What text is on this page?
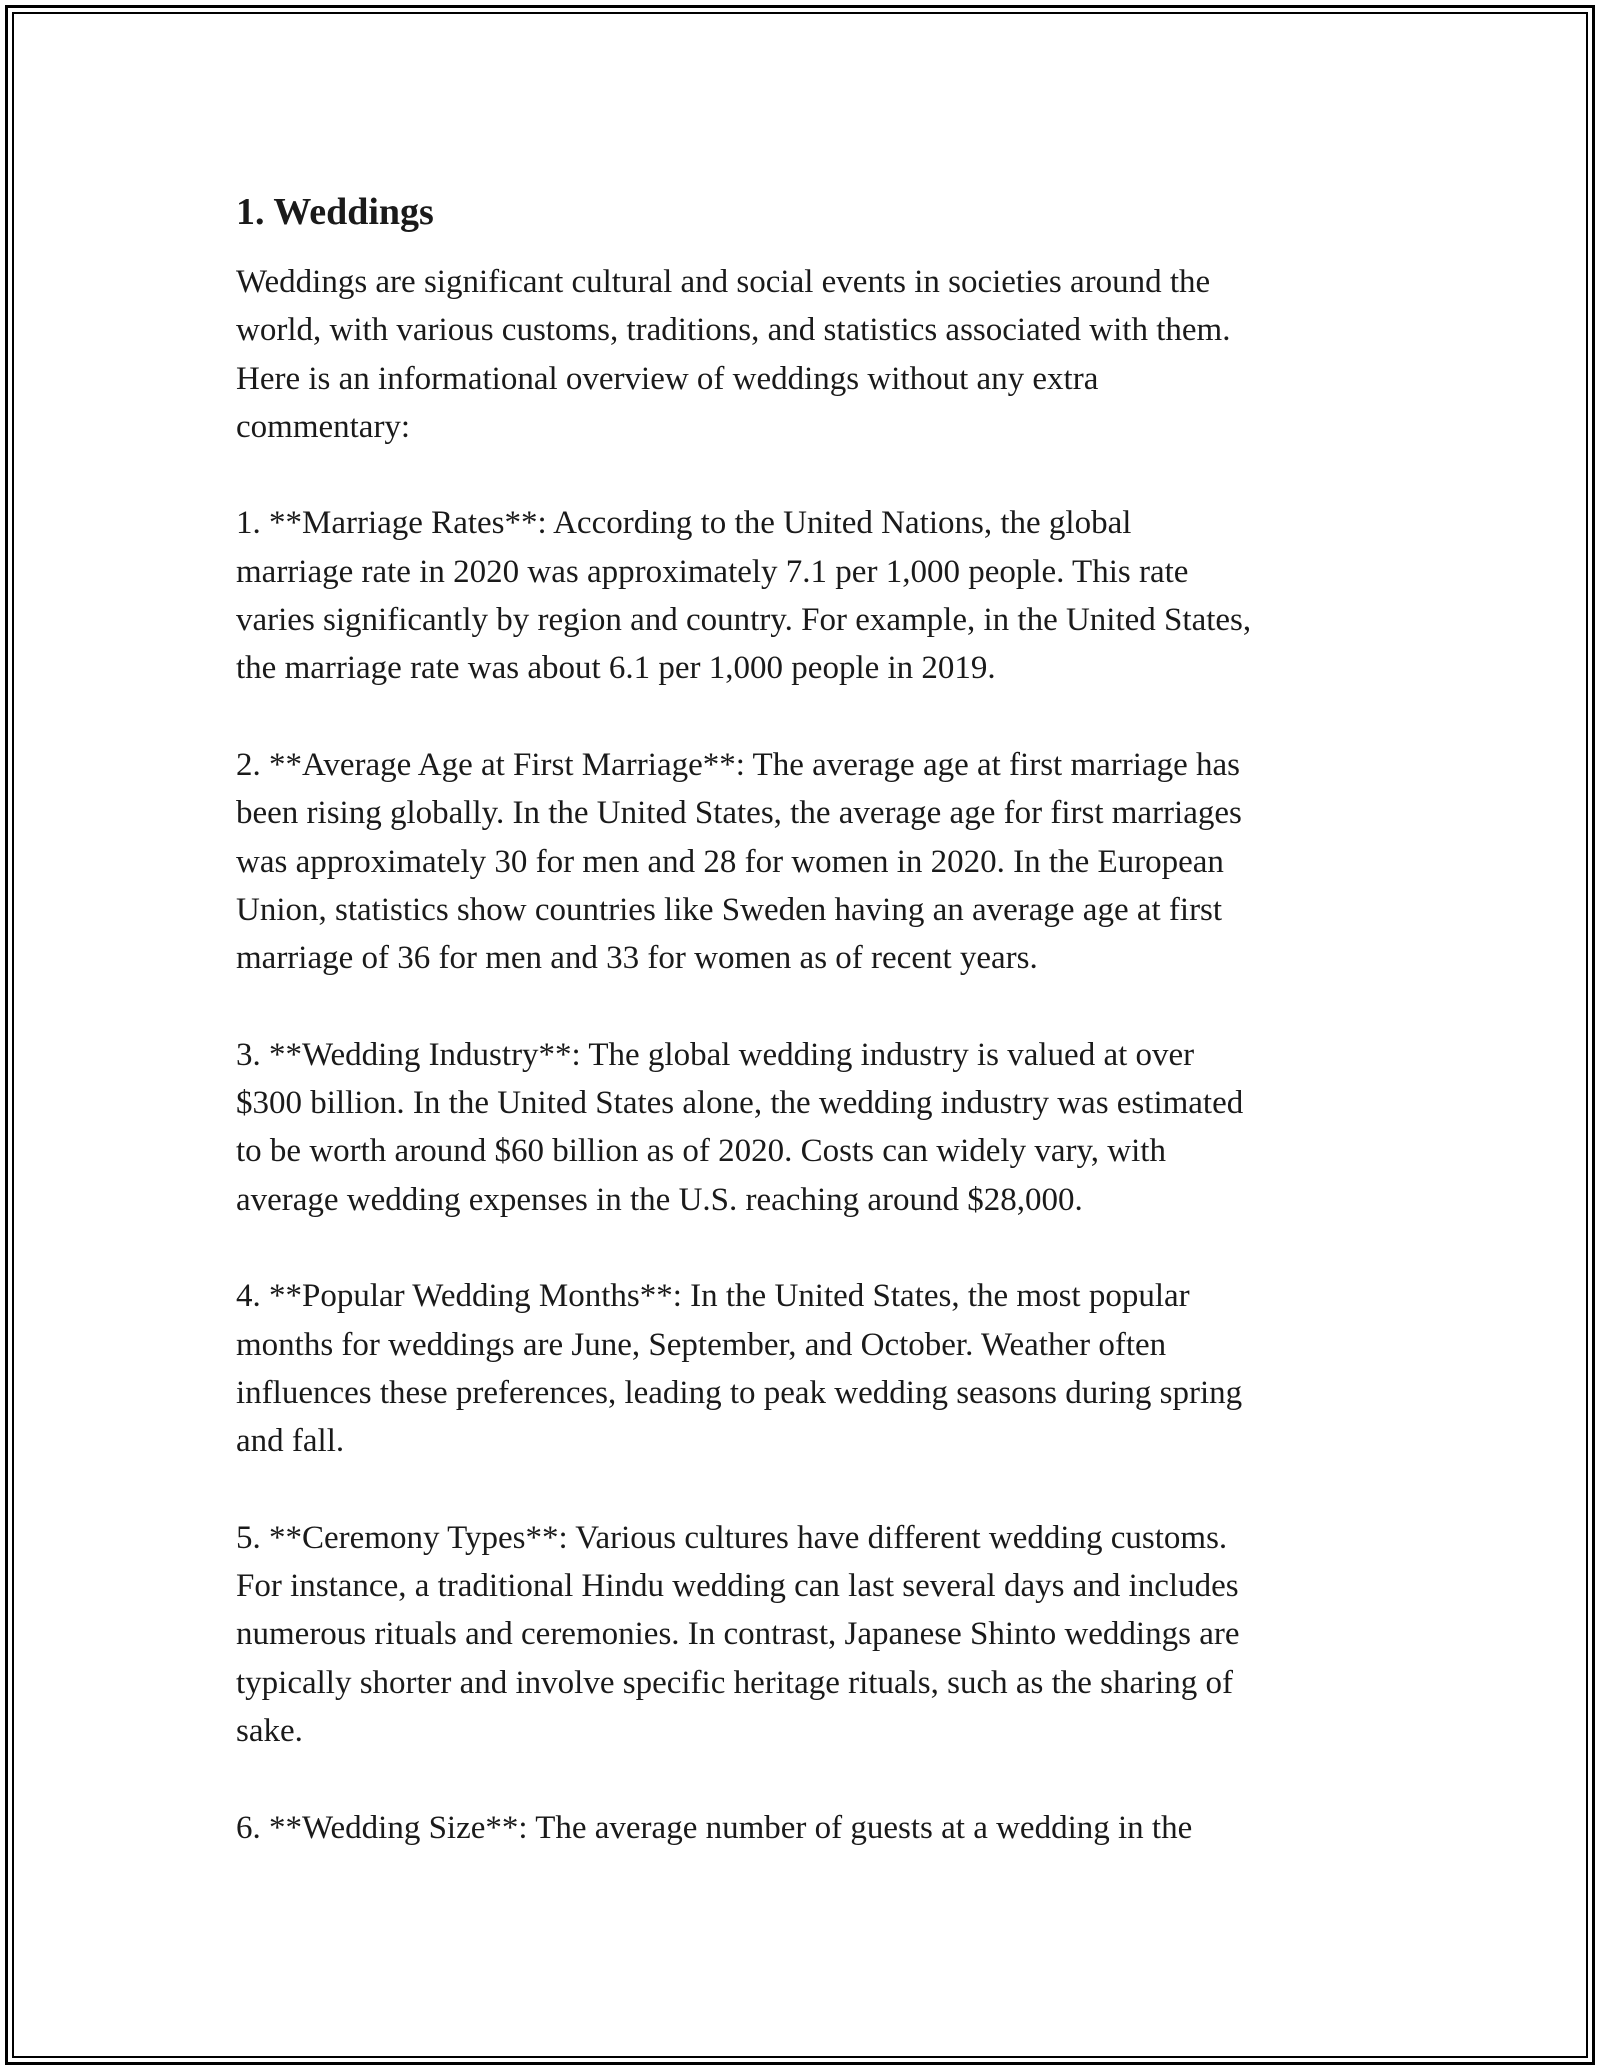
1. Weddings

Weddings are significant cultural and social events in societies around the
world, with various customs, traditions, and statistics associated with them.
Here is an informational overview of weddings without any extra
commentary:

1. **Marriage Rates**: According to the United Nations, the global
marriage rate in 2020 was approximately 7.1 per 1,000 people. This rate
varies significantly by region and country. For example, in the United States,
the marriage rate was about 6.1 per 1,000 people in 2019.

2. **Average Age at First Marriage**: The average age at first marriage has
been rising globally. In the United States, the average age for first marriages
was approximately 30 for men and 28 for women in 2020. In the European
Union, statistics show countries like Sweden having an average age at first
marriage of 36 for men and 33 for women as of recent years.

3. **Wedding Industry**: The global wedding industry is valued at over
$300 billion. In the United States alone, the wedding industry was estimated
to be worth around $60 billion as of 2020. Costs can widely vary, with
average wedding expenses in the U.S. reaching around $28,000.

4. **Popular Wedding Months**: In the United States, the most popular
months for weddings are June, September, and October. Weather often
influences these preferences, leading to peak wedding seasons during spring
and fall.

5. **Ceremony Types**: Various cultures have different wedding customs.
For instance, a traditional Hindu wedding can last several days and includes
numerous rituals and ceremonies. In contrast, Japanese Shinto weddings are
typically shorter and involve specific heritage rituals, such as the sharing of
sake.

6. **Wedding Size**: The average number of guests at a wedding in the
